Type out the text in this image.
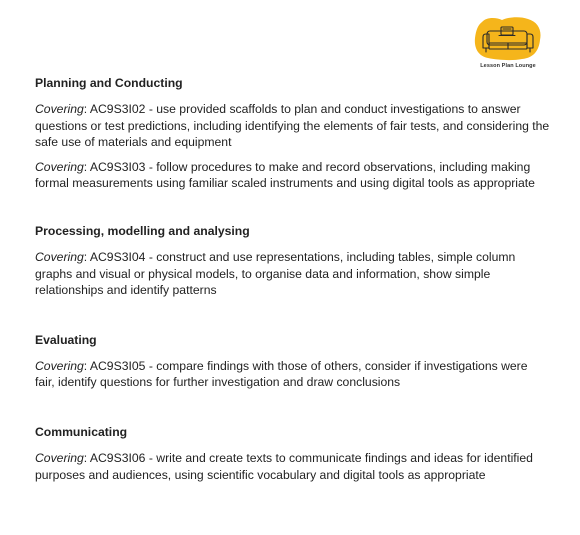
Lesson Plan Lounge
Planning and Conducting
Covering: AC9S3I02 - use provided scaffolds to plan and conduct investigations to answer questions or test predictions, including identifying the elements of fair tests, and considering the safe use of materials and equipment
Covering: AC9S3I03 - follow procedures to make and record observations, including making formal measurements using familiar scaled instruments and using digital tools as appropriate
Processing, modelling and analysing
Covering: AC9S3I04 - construct and use representations, including tables, simple column graphs and visual or physical models, to organise data and information, show simple relationships and identify patterns
Evaluating
Covering: AC9S3I05 - compare findings with those of others, consider if investigations were fair, identify questions for further investigation and draw conclusions
Communicating
Covering: AC9S3I06 - write and create texts to communicate findings and ideas for identified purposes and audiences, using scientific vocabulary and digital tools as appropriate
